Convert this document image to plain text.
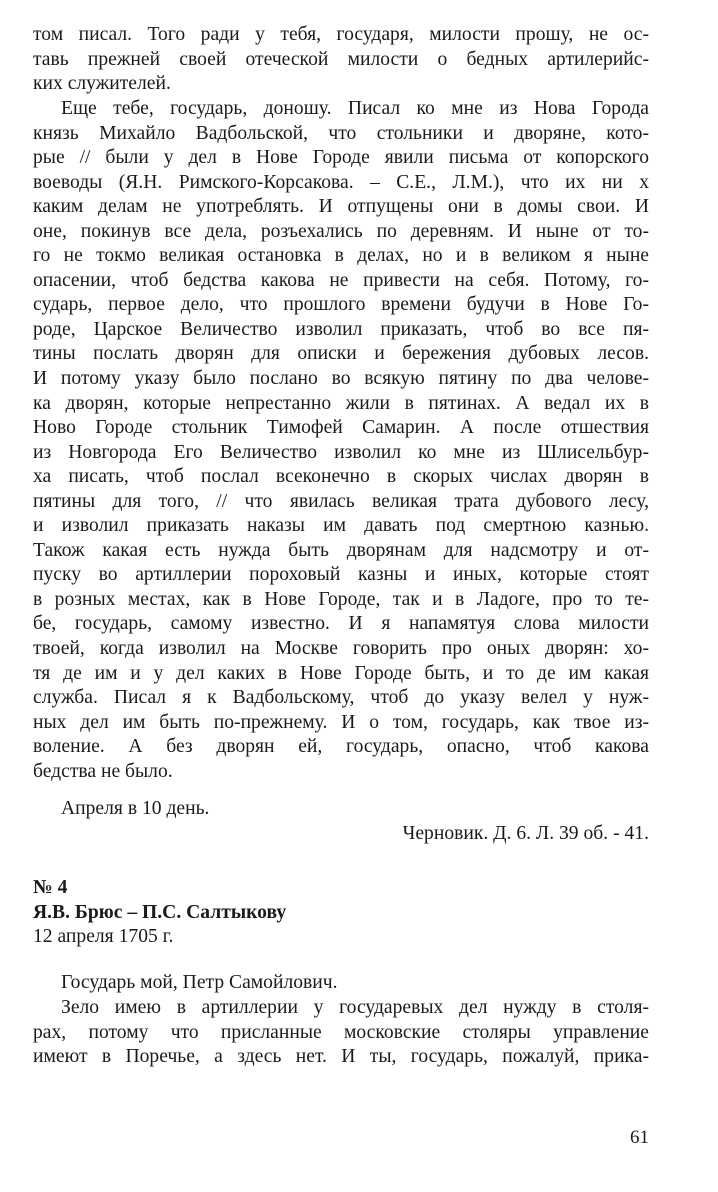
том писал. Того ради у тебя, государя, милости прошу, не ос-
тавь прежней своей отеческой милости о бедных артилерийс-
ких служителей.
Еще тебе, государь, доношу. Писал ко мне из Нова Города
князь Михайло Вадбольской, что стольники и дворяне, кото-
рые // были у дел в Нове Городе явили письма от копорского
воеводы (Я.Н. Римского-Корсакова. – С.Е., Л.М.), что их ни х
каким делам не употреблять. И отпущены они в домы свои. И
оне, покинув все дела, розъехались по деревням. И ныне от то-
го не токмо великая остановка в делах, но и в великом я ныне
опасении, чтоб бедства какова не привести на себя. Потому, го-
сударь, первое дело, что прошлого времени будучи в Нове Го-
роде, Царское Величество изволил приказать, чтоб во все пя-
тины послать дворян для описки и бережения дубовых лесов.
И потому указу было послано во всякую пятину по два челове-
ка дворян, которые непрестанно жили в пятинах. А ведал их в
Ново Городе стольник Тимофей Самарин. А после отшествия
из Новгорода Его Величество изволил ко мне из Шлисельбур-
ха писать, чтоб послал всеконечно в скорых числах дворян в
пятины для того, // что явилась великая трата дубового лесу,
и изволил приказать наказы им давать под смертною казнью.
Також какая есть нужда быть дворянам для надсмотру и от-
пуску во артиллерии пороховый казны и иных, которые стоят
в розных местах, как в Нове Городе, так и в Ладоге, про то те-
бе, государь, самому известно. И я напамятуя слова милости
твоей, когда изволил на Москве говорить про оных дворян: хо-
тя де им и у дел каких в Нове Городе быть, и то де им какая
служба. Писал я к Вадбольскому, чтоб до указу велел у нуж-
ных дел им быть по-прежнему. И о том, государь, как твое из-
воление. А без дворян ей, государь, опасно, чтоб какова
бедства не было.
Апреля в 10 день.
Черновик. Д. 6. Л. 39 об. - 41.
№ 4
Я.В. Брюс – П.С. Салтыкову
12 апреля 1705 г.
Государь мой, Петр Самойлович.
Зело имею в артиллерии у государевых дел нужду в столя-
рах, потому что присланные московские столяры управление
имеют в Поречье, а здесь нет. И ты, государь, пожалуй, прика-
61
